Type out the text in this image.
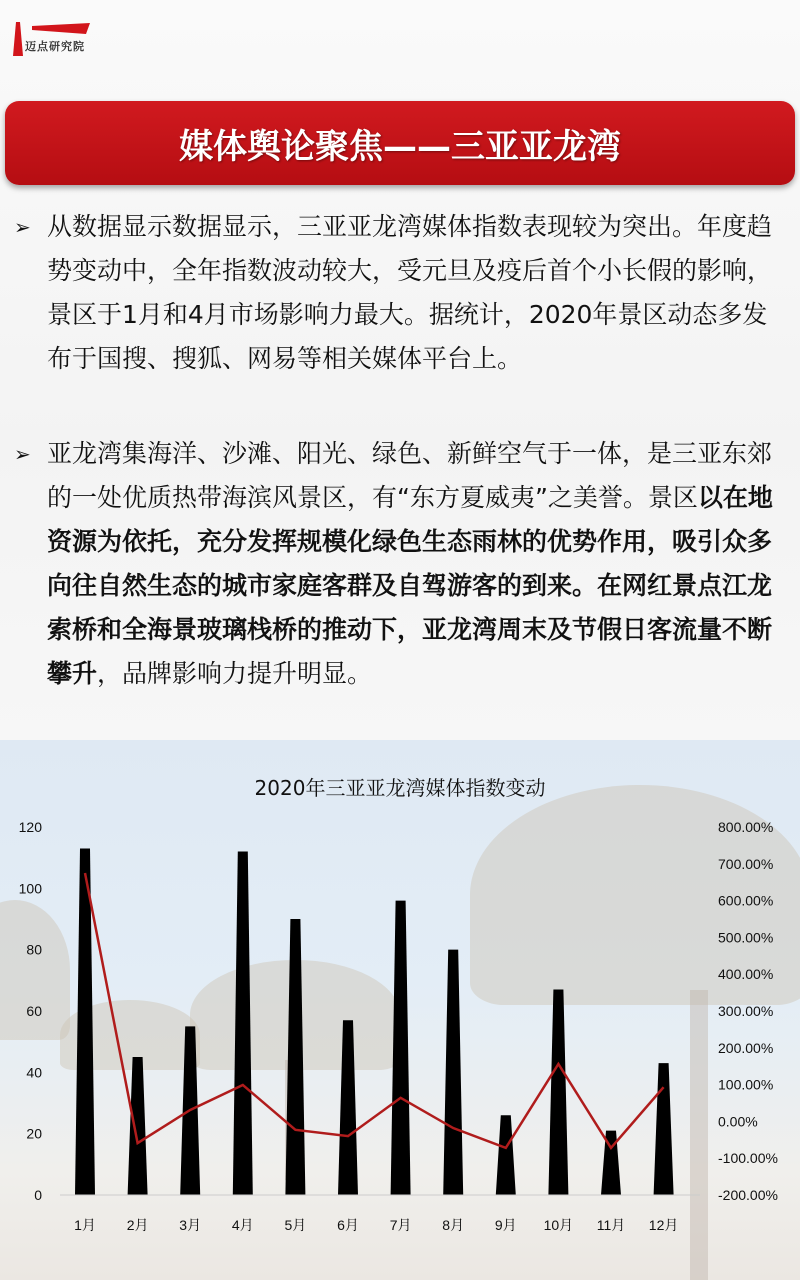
迈点研究院
媒体舆论聚焦——三亚亚龙湾
➢ 从数据显示数据显示，三亚亚龙湾媒体指数表现较为突出。年度趋势变动中，全年指数波动较大，受元旦及疫后首个小长假的影响，景区于1月和4月市场影响力最大。据统计，2020年景区动态多发布于国搜、搜狐、网易等相关媒体平台上。
➢ 亚龙湾集海洋、沙滩、阳光、绿色、新鲜空气于一体，是三亚东郊的一处优质热带海滨风景区，有“东方夏威夷”之美誉。景区以在地资源为依托，充分发挥规模化绿色生态雨林的优势作用，吸引众多向往自然生态的城市家庭客群及自驾游客的到来。在网红景点江龙索桥和全海景玻璃栈桥的推动下，亚龙湾周末及节假日客流量不断攀升，品牌影响力提升明显。
2020年三亚亚龙湾媒体指数变动
0
20
40
60
80
100
120
-200.00%
-100.00%
0.00%
100.00%
200.00%
300.00%
400.00%
500.00%
600.00%
700.00%
800.00%
1月 2月 3月 4月 5月 6月 7月 8月 9月 10月 11月 12月
